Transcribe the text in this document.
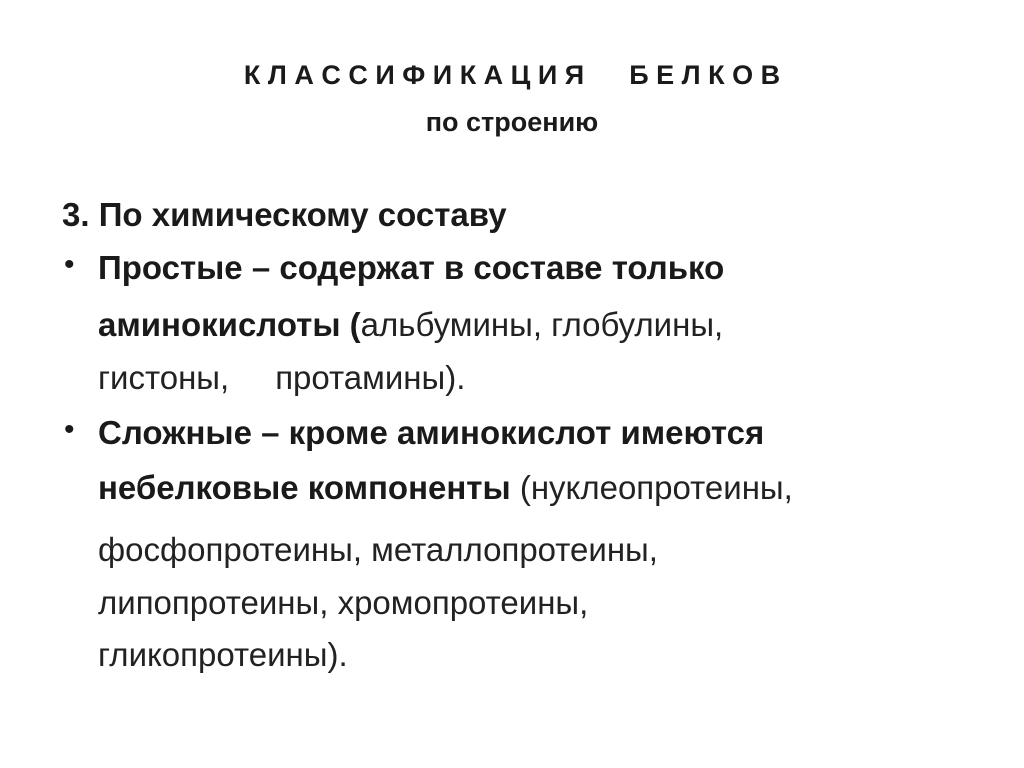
К Л А С С И Ф И К А Ц И Я      Б Е Л К О В
по строению
3. По химическому составу
• Простые – содержат в составе только
аминокислоты (альбумины, глобулины,
гистоны, протамины).
• Сложные – кроме аминокислот имеются
небелковые компоненты (нуклеопротеины,
фосфопротеины, металлопротеины,
липопротеины, хромопротеины,
гликопротеины).
